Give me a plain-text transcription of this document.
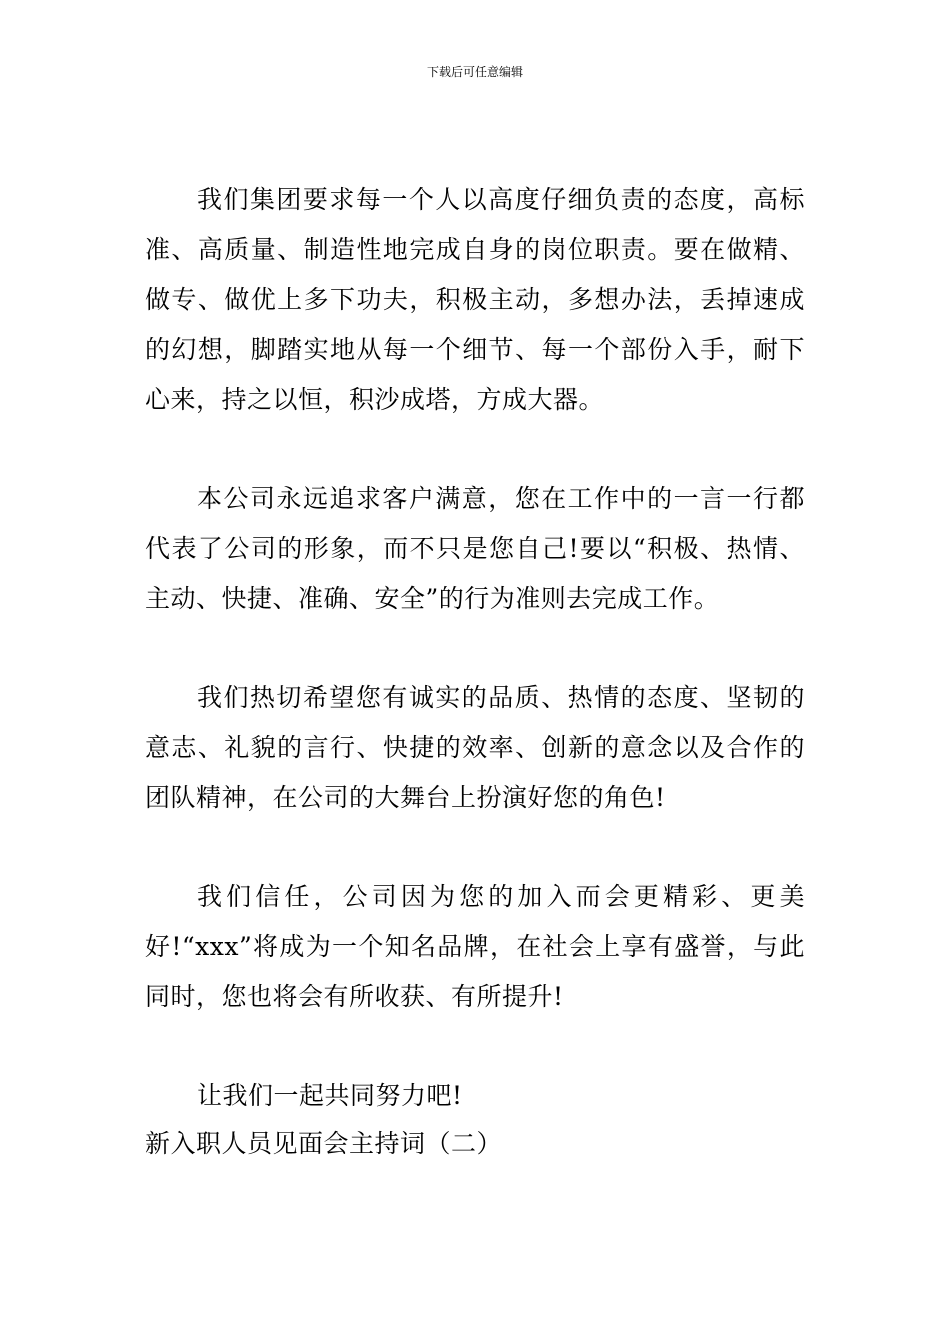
下载后可任意编辑

我们集团要求每一个人以高度仔细负责的态度，高标准、高质量、制造性地完成自身的岗位职责。要在做精、做专、做优上多下功夫，积极主动，多想办法，丢掉速成的幻想，脚踏实地从每一个细节、每一个部份入手，耐下心来，持之以恒，积沙成塔，方成大器。

本公司永远追求客户满意，您在工作中的一言一行都代表了公司的形象，而不只是您自己!要以“积极、热情、主动、快捷、准确、安全”的行为准则去完成工作。

我们热切希望您有诚实的品质、热情的态度、坚韧的意志、礼貌的言行、快捷的效率、创新的意念以及合作的团队精神，在公司的大舞台上扮演好您的角色!

我们信任，公司因为您的加入而会更精彩、更美好!“xxx”将成为一个知名品牌，在社会上享有盛誉，与此同时，您也将会有所收获、有所提升!

让我们一起共同努力吧!

新入职人员见面会主持词（二）
